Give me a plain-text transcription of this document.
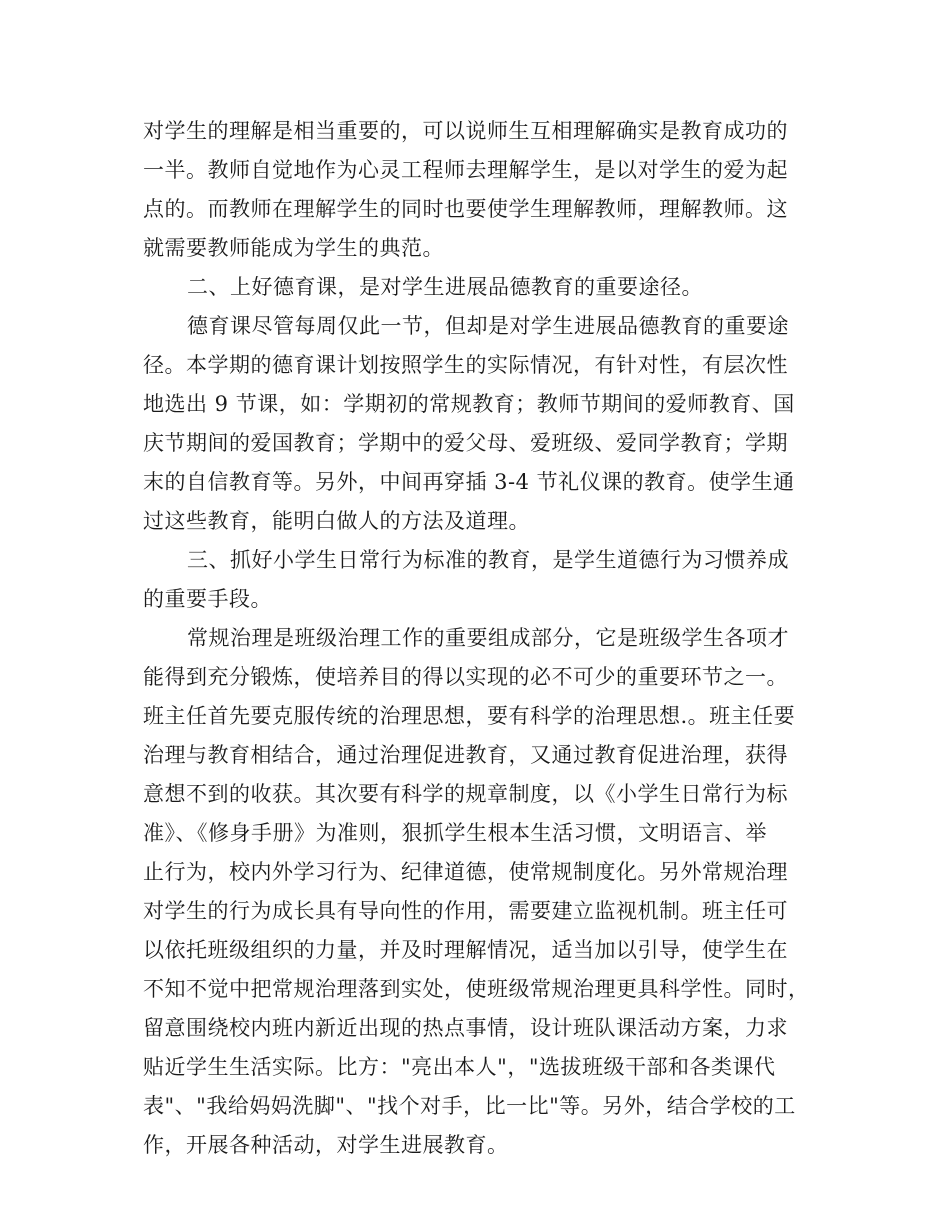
对学生的理解是相当重要的，可以说师生互相理解确实是教育成功的
一半。教师自觉地作为心灵工程师去理解学生，是以对学生的爱为起
点的。而教师在理解学生的同时也要使学生理解教师，理解教师。这
就需要教师能成为学生的典范。
二、上好德育课，是对学生进展品德教育的重要途径。
德育课尽管每周仅此一节，但却是对学生进展品德教育的重要途
径。本学期的德育课计划按照学生的实际情况，有针对性，有层次性
地选出 9 节课，如：学期初的常规教育；教师节期间的爱师教育、国
庆节期间的爱国教育；学期中的爱父母、爱班级、爱同学教育；学期
末的自信教育等。另外，中间再穿插 3-4 节礼仪课的教育。使学生通
过这些教育，能明白做人的方法及道理。
三、抓好小学生日常行为标准的教育，是学生道德行为习惯养成
的重要手段。
常规治理是班级治理工作的重要组成部分，它是班级学生各项才
能得到充分锻炼，使培养目的得以实现的必不可少的重要环节之一。
班主任首先要克服传统的治理思想，要有科学的治理思想.。班主任要
治理与教育相结合，通过治理促进教育，又通过教育促进治理，获得
意想不到的收获。其次要有科学的规章制度，以《小学生日常行为标
准》、《修身手册》为准则，狠抓学生根本生活习惯，文明语言、举
止行为，校内外学习行为、纪律道德，使常规制度化。另外常规治理
对学生的行为成长具有导向性的作用，需要建立监视机制。班主任可
以依托班级组织的力量，并及时理解情况，适当加以引导，使学生在
不知不觉中把常规治理落到实处，使班级常规治理更具科学性。同时，
留意围绕校内班内新近出现的热点事情，设计班队课活动方案，力求
贴近学生生活实际。比方："亮出本人"，"选拔班级干部和各类课代
表"、"我给妈妈洗脚"、"找个对手，比一比"等。另外，结合学校的工
作，开展各种活动，对学生进展教育。
